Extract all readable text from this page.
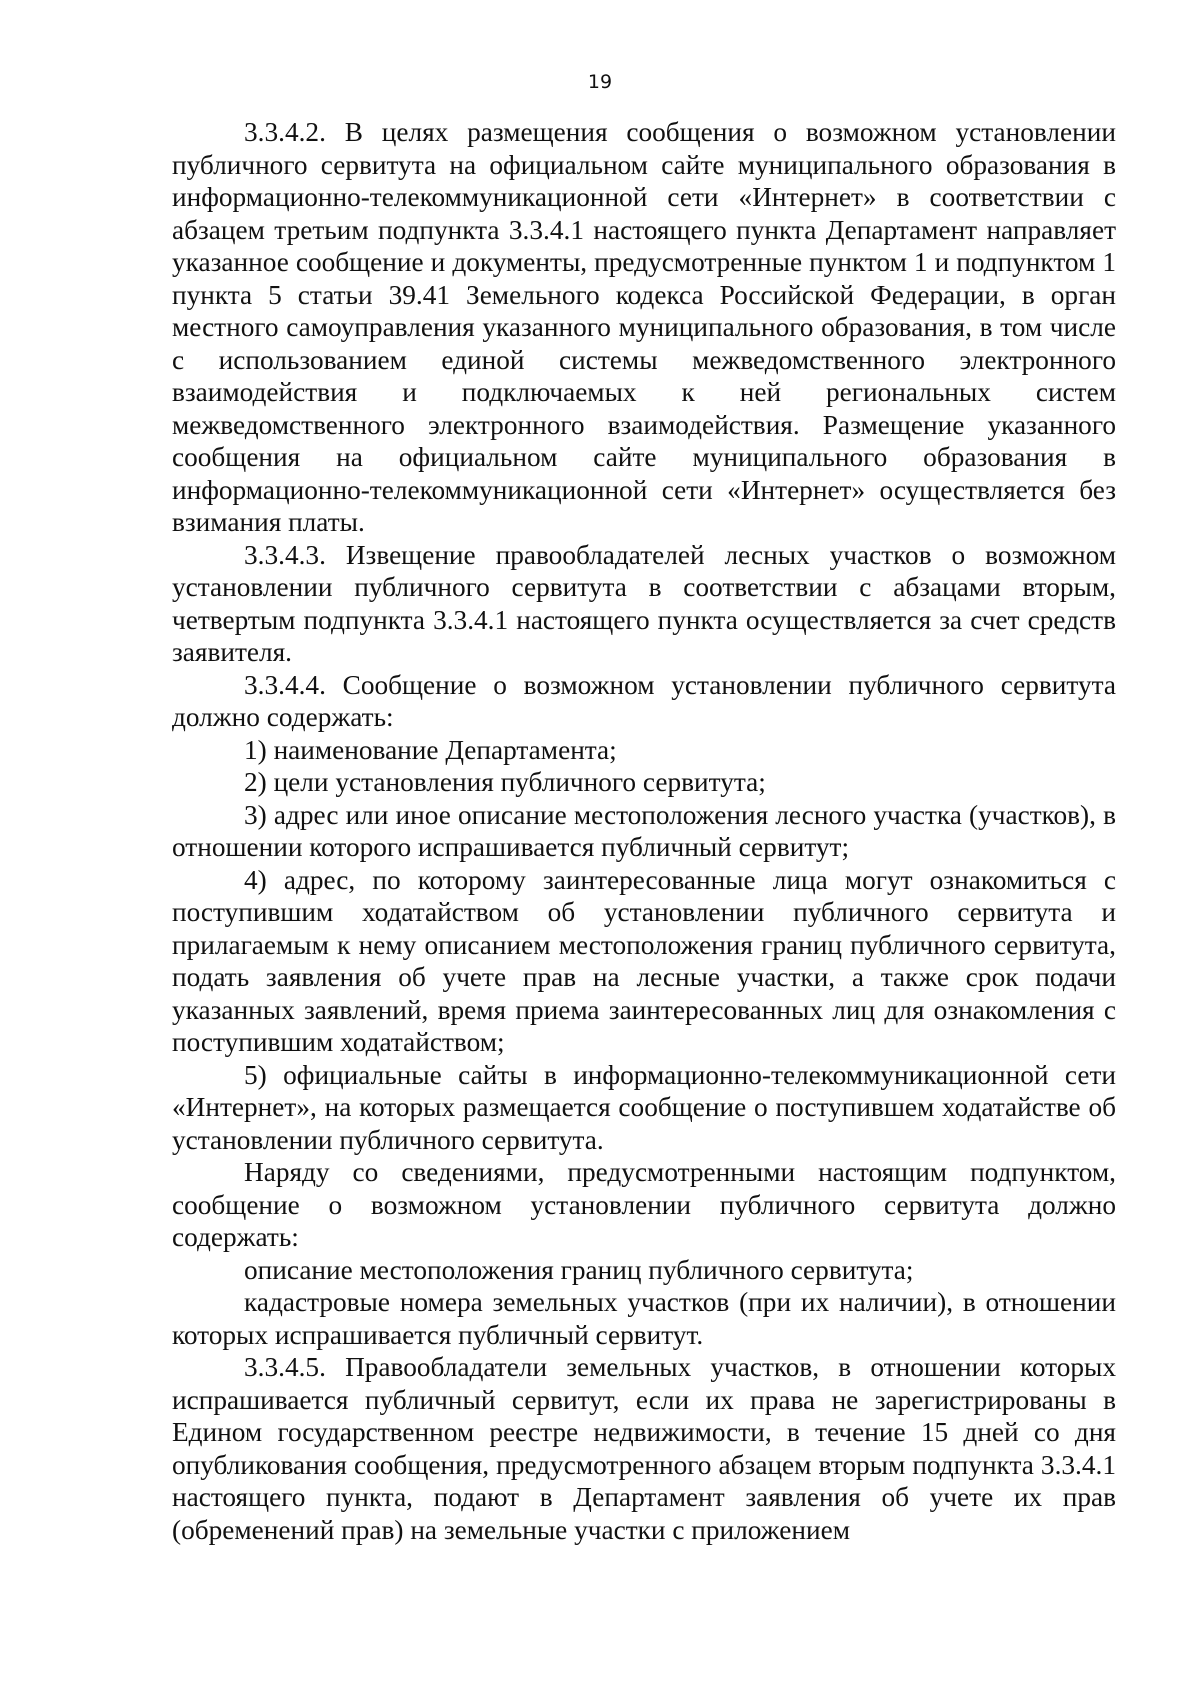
19

3.3.4.2. В целях размещения сообщения о возможном установлении публичного сервитута на официальном сайте муниципального образования в информационно-телекоммуникационной сети «Интернет» в соответствии с абзацем третьим подпункта 3.3.4.1 настоящего пункта Департамент направляет указанное сообщение и документы, предусмотренные пунктом 1 и подпунктом 1 пункта 5 статьи 39.41 Земельного кодекса Российской Федерации, в орган местного самоуправления указанного муниципального образования, в том числе с использованием единой системы межведомственного электронного взаимодействия и подключаемых к ней региональных систем межведомственного электронного взаимодействия. Размещение указанного сообщения на официальном сайте муниципального образования в информационно-телекоммуникационной сети «Интернет» осуществляется без взимания платы.

3.3.4.3. Извещение правообладателей лесных участков о возможном установлении публичного сервитута в соответствии с абзацами вторым, четвертым подпункта 3.3.4.1 настоящего пункта осуществляется за счет средств заявителя.

3.3.4.4. Сообщение о возможном установлении публичного сервитута должно содержать:

1) наименование Департамента;

2) цели установления публичного сервитута;

3) адрес или иное описание местоположения лесного участка (участков), в отношении которого испрашивается публичный сервитут;

4) адрес, по которому заинтересованные лица могут ознакомиться с поступившим ходатайством об установлении публичного сервитута и прилагаемым к нему описанием местоположения границ публичного сервитута, подать заявления об учете прав на лесные участки, а также срок подачи указанных заявлений, время приема заинтересованных лиц для ознакомления с поступившим ходатайством;

5) официальные сайты в информационно-телекоммуникационной сети «Интернет», на которых размещается сообщение о поступившем ходатайстве об установлении публичного сервитута.

Наряду со сведениями, предусмотренными настоящим подпунктом, сообщение о возможном установлении публичного сервитута должно содержать:

описание местоположения границ публичного сервитута;

кадастровые номера земельных участков (при их наличии), в отношении которых испрашивается публичный сервитут.

3.3.4.5. Правообладатели земельных участков, в отношении которых испрашивается публичный сервитут, если их права не зарегистрированы в Едином государственном реестре недвижимости, в течение 15 дней со дня опубликования сообщения, предусмотренного абзацем вторым подпункта 3.3.4.1 настоящего пункта, подают в Департамент заявления об учете их прав (обременений прав) на земельные участки с приложением
